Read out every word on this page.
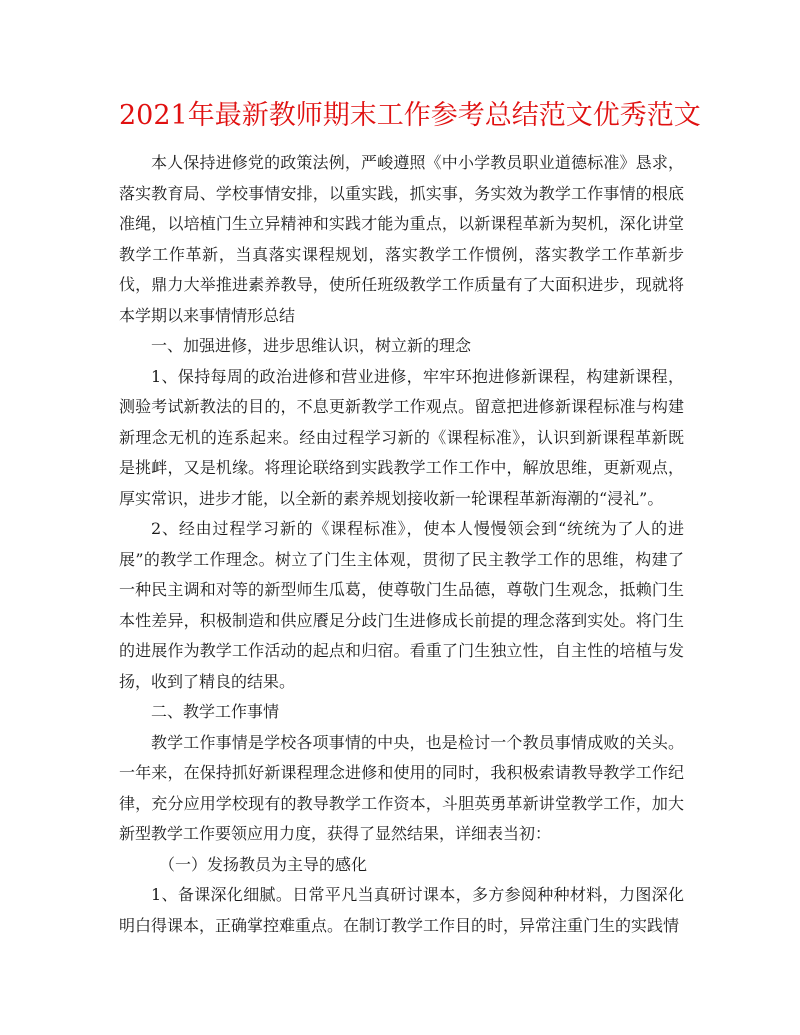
2021年最新教师期末工作参考总结范文优秀范文

本人保持进修党的政策法例，严峻遵照《中小学教员职业道德标准》恳求，落实教育局、学校事情安排，以重实践，抓实事，务实效为教学工作事情的根底准绳，以培植门生立异精神和实践才能为重点，以新课程革新为契机，深化讲堂教学工作革新，当真落实课程规划，落实教学工作惯例，落实教学工作革新步伐，鼎力大举推进素养教导，使所任班级教学工作质量有了大面积进步，现就将本学期以来事情情形总结

一、加强进修，进步思维认识，树立新的理念

1、保持每周的政治进修和营业进修，牢牢环抱进修新课程，构建新课程，测验考试新教法的目的，不息更新教学工作观点。留意把进修新课程标准与构建新理念无机的连系起来。经由过程学习新的《课程标准》，认识到新课程革新既是挑衅，又是机缘。将理论联络到实践教学工作工作中，解放思维，更新观点，厚实常识，进步才能，以全新的素养规划接收新一轮课程革新海潮的“浸礼”。

2、经由过程学习新的《课程标准》，使本人慢慢领会到“统统为了人的进展”的教学工作理念。树立了门生主体观，贯彻了民主教学工作的思维，构建了一种民主调和对等的新型师生瓜葛，使尊敬门生品德，尊敬门生观念，抵赖门生本性差异，积极制造和供应餍足分歧门生进修成长前提的理念落到实处。将门生的进展作为教学工作活动的起点和归宿。看重了门生独立性，自主性的培植与发扬，收到了精良的结果。

二、教学工作事情

教学工作事情是学校各项事情的中央，也是检讨一个教员事情成败的关头。一年来，在保持抓好新课程理念进修和使用的同时，我积极索请教导教学工作纪律，充分应用学校现有的教导教学工作资本，斗胆英勇革新讲堂教学工作，加大新型教学工作要领应用力度，获得了显然结果，详细表当初：

（一）发扬教员为主导的感化

1、备课深化细腻。日常平凡当真研讨课本，多方参阅种种材料，力图深化明白得课本，正确掌控难重点。在制订教学工作目的时，异常注重门生的实践情
